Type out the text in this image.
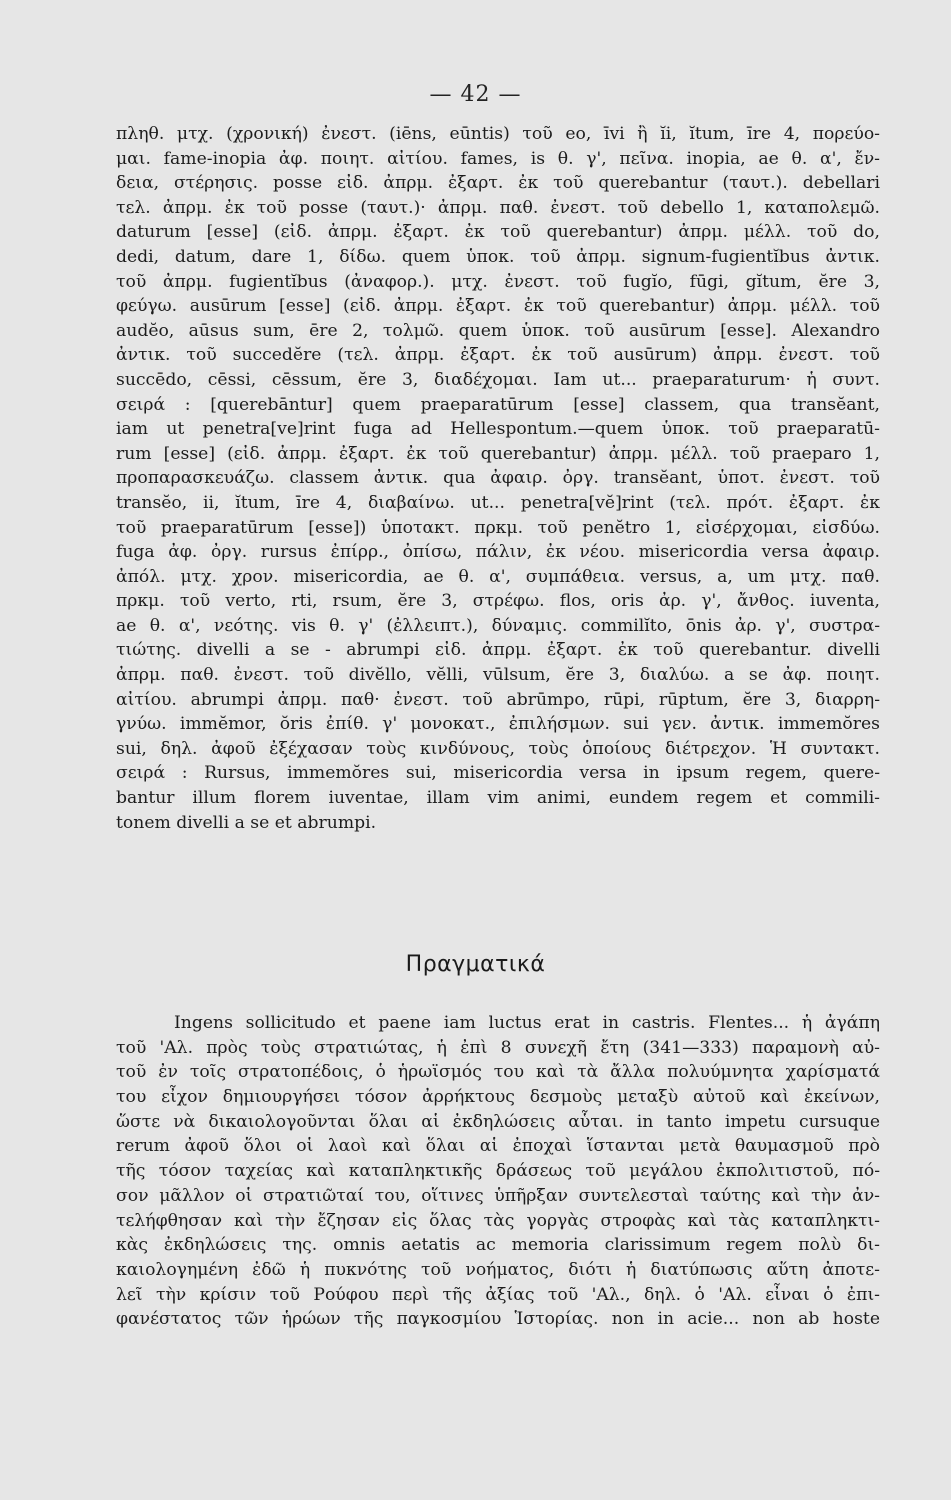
— 42 —
πληθ. μτχ. (χρονική) ἐνεστ. (iēns, eūntis) τοῦ eo, īvi ἢ ĭi, ĭtum, īre 4, πορεύο-
μαι. fame-inopia ἀφ. ποιητ. αἰτίου. fames, is θ. γ', πεῖνα. inopia, ae θ. α', ἔν-
δεια, στέρησις. posse εἰδ. ἀπρμ. ἐξαρτ. ἐκ τοῦ querebantur (ταυτ.). debellari
τελ. ἀπρμ. ἐκ τοῦ posse (ταυτ.)· ἀπρμ. παθ. ἐνεστ. τοῦ debello 1, καταπολεμῶ.
daturum [esse] (εἰδ. ἀπρμ. ἐξαρτ. ἐκ τοῦ querebantur) ἀπρμ. μέλλ. τοῦ do,
dedi, datum, dare 1, δίδω. quem ὑποκ. τοῦ ἀπρμ. signum-fugientĭbus ἀντικ.
τοῦ ἀπρμ. fugientĭbus (ἀναφορ.). μτχ. ἐνεστ. τοῦ fugĭo, fūgi, gĭtum, ĕre 3,
φεύγω. ausūrum [esse] (εἰδ. ἀπρμ. ἐξαρτ. ἐκ τοῦ querebantur) ἀπρμ. μέλλ. τοῦ
audĕo, aūsus sum, ēre 2, τολμῶ. quem ὑποκ. τοῦ ausūrum [esse]. Alexandro
ἀντικ. τοῦ succedĕre (τελ. ἀπρμ. ἐξαρτ. ἐκ τοῦ ausūrum) ἀπρμ. ἐνεστ. τοῦ
succēdo, cēssi, cēssum, ĕre 3, διαδέχομαι. Iam ut... praeparaturum· ἡ συντ.
σειρά : [querebāntur] quem praeparatūrum [esse] classem, qua transĕant,
iam ut penetra[ve]rint fuga ad Hellespontum.—quem ὑποκ. τοῦ praeparatū-
rum [esse] (εἰδ. ἀπρμ. ἐξαρτ. ἐκ τοῦ querebantur) ἀπρμ. μέλλ. τοῦ praeparo 1,
προπαρασκευάζω. classem ἀντικ. qua ἀφαιρ. ὀργ. transĕant, ὑποτ. ἐνεστ. τοῦ
transĕo, ii, ĭtum, īre 4, διαβαίνω. ut... penetra[vĕ]rint (τελ. πρότ. ἐξαρτ. ἐκ
τοῦ praeparatūrum [esse]) ὑποτακτ. πρκμ. τοῦ penĕtro 1, εἰσέρχομαι, εἰσδύω.
fuga ἀφ. ὀργ. rursus ἐπίρρ., ὀπίσω, πάλιν, ἐκ νέου. misericordia versa ἀφαιρ.
ἀπόλ. μτχ. χρον. misericordia, ae θ. α', συμπάθεια. versus, a, um μτχ. παθ.
πρκμ. τοῦ verto, rti, rsum, ĕre 3, στρέφω. flos, oris ἀρ. γ', ἄνθος. iuventa,
ae θ. α', νεότης. vis θ. γ' (ἐλλειπτ.), δύναμις. commilĭto, ōnis ἀρ. γ', συστρα-
τιώτης. divelli a se - abrumpi εἰδ. ἀπρμ. ἐξαρτ. ἐκ τοῦ querebantur. divelli
ἀπρμ. παθ. ἐνεστ. τοῦ divĕllo, vĕlli, vūlsum, ĕre 3, διαλύω. a se ἀφ. ποιητ.
αἰτίου. abrumpi ἀπρμ. παθ· ἐνεστ. τοῦ abrūmpo, rūpi, rūptum, ĕre 3, διαρρη-
γνύω. immĕmor, ŏris ἐπίθ. γ' μονοκατ., ἐπιλήσμων. sui γεν. ἀντικ. immemŏres
sui, δηλ. ἀφοῦ ἐξέχασαν τοὺς κινδύνους, τοὺς ὁποίους διέτρεχον. Ἡ συντακτ.
σειρά : Rursus, immemŏres sui, misericordia versa in ipsum regem, quere-
bantur illum florem iuventae, illam vim animi, eundem regem et commili-
tonem divelli a se et abrumpi.
Πραγματικά
Ingens sollicitudo et paene iam luctus erat in castris. Flentes... ἡ ἀγάπη
τοῦ 'Αλ. πρὸς τοὺς στρατιώτας, ἡ ἐπὶ 8 συνεχῆ ἔτη (341—333) παραμονὴ αὐ-
τοῦ ἐν τοῖς στρατοπέδοις, ὁ ἡρωϊσμός του καὶ τὰ ἄλλα πολυύμνητα χαρίσματά
του εἶχον δημιουργήσει τόσον ἀρρήκτους δεσμοὺς μεταξὺ αὐτοῦ καὶ ἐκείνων,
ὥστε νὰ δικαιολογοῦνται ὅλαι αἱ ἐκδηλώσεις αὗται. in tanto impetu cursuque
rerum ἀφοῦ ὅλοι οἱ λαοὶ καὶ ὅλαι αἱ ἐποχαὶ ἵστανται μετὰ θαυμασμοῦ πρὸ
τῆς τόσον ταχείας καὶ καταπληκτικῆς δράσεως τοῦ μεγάλου ἐκπολιτιστοῦ, πό-
σον μᾶλλον οἱ στρατιῶταί του, οἵτινες ὑπῆρξαν συντελεσταὶ ταύτης καὶ τὴν ἀν-
τελήφθησαν καὶ τὴν ἔζησαν εἰς ὅλας τὰς γοργὰς στροφὰς καὶ τὰς καταπληκτι-
κὰς ἐκδηλώσεις της. omnis aetatis ac memoria clarissimum regem πολὺ δι-
καιολογημένη ἐδῶ ἡ πυκνότης τοῦ νοήματος, διότι ἡ διατύπωσις αὕτη ἀποτε-
λεῖ τὴν κρίσιν τοῦ Ρούφου περὶ τῆς ἀξίας τοῦ 'Αλ., δηλ. ὁ 'Αλ. εἶναι ὁ ἐπι-
φανέστατος τῶν ἡρώων τῆς παγκοσμίου Ἱστορίας. non in acie... non ab hoste
